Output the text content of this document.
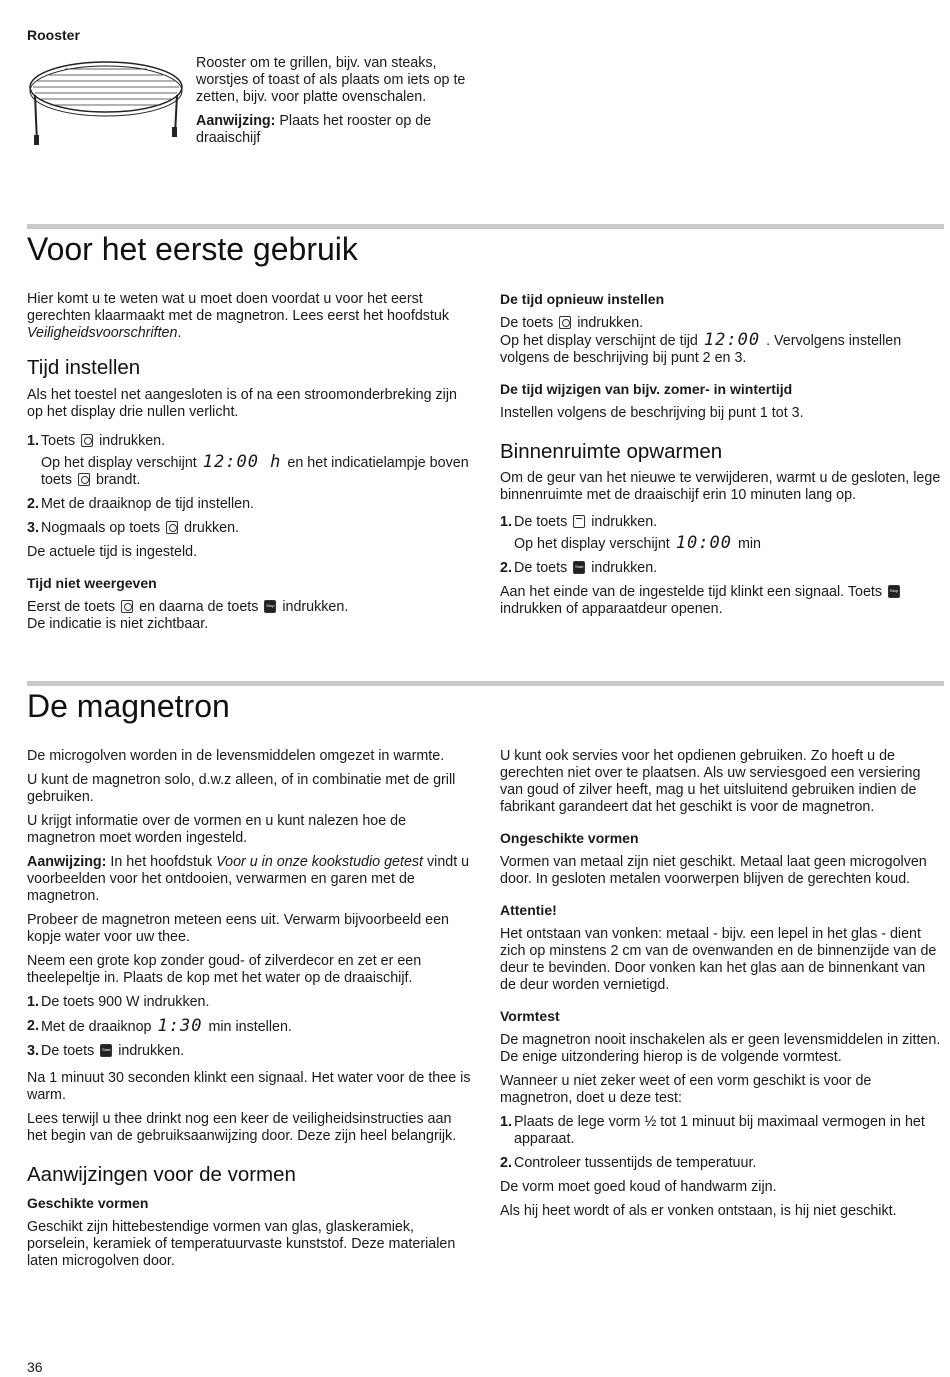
Rooster

Rooster om te grillen, bijv. van steaks, worstjes of toast of als plaats om iets op te zetten, bijv. voor platte ovenschalen.

Aanwijzing: Plaats het rooster op de draaischijf

Voor het eerste gebruik

Hier komt u te weten wat u moet doen voordat u voor het eerst gerechten klaarmaakt met de magnetron. Lees eerst het hoofdstuk Veiligheidsvoorschriften.

Tijd instellen

Als het toestel net aangesloten is of na een stroomonderbreking zijn op het display drie nullen verlicht.

1. Toets  indrukken.
Op het display verschijnt 12:00 h en het indicatielampje boven toets  brandt.
2. Met de draaiknop de tijd instellen.
3. Nogmaals op toets  drukken.

De actuele tijd is ingesteld.

Tijd niet weergeven

Eerst de toets  en daarna de toets Stop indrukken.
De indicatie is niet zichtbaar.

De tijd opnieuw instellen

De toets  indrukken.
Op het display verschijnt de tijd 12:00 . Vervolgens instellen volgens de beschrijving bij punt 2 en 3.

De tijd wijzigen van bijv. zomer- in wintertijd

Instellen volgens de beschrijving bij punt 1 tot 3.

Binnenruimte opwarmen

Om de geur van het nieuwe te verwijderen, warmt u de gesloten, lege binnenruimte met de draaischijf erin 10 minuten lang op.

1. De toets  indrukken.
Op het display verschijnt 10:00 min
2. De toets Start indrukken.

Aan het einde van de ingestelde tijd klinkt een signaal. Toets Stop indrukken of apparaatdeur openen.

De magnetron

De microgolven worden in de levensmiddelen omgezet in warmte.

U kunt de magnetron solo, d.w.z alleen, of in combinatie met de grill gebruiken.

U krijgt informatie over de vormen en u kunt nalezen hoe de magnetron moet worden ingesteld.

Aanwijzing: In het hoofdstuk Voor u in onze kookstudio getest vindt u voorbeelden voor het ontdooien, verwarmen en garen met de magnetron.

Probeer de magnetron meteen eens uit. Verwarm bijvoorbeeld een kopje water voor uw thee.

Neem een grote kop zonder goud- of zilverdecor en zet er een theelepeltje in. Plaats de kop met het water op de draaischijf.

1. De toets 900 W indrukken.
2. Met de draaiknop 1:30 min instellen.
3. De toets Start indrukken.

Na 1 minuut 30 seconden klinkt een signaal. Het water voor de thee is warm.

Lees terwijl u thee drinkt nog een keer de veiligheidsinstructies aan het begin van de gebruiksaanwijzing door. Deze zijn heel belangrijk.

Aanwijzingen voor de vormen
Geschikte vormen

Geschikt zijn hittebestendige vormen van glas, glaskeramiek, porselein, keramiek of temperatuurvaste kunststof. Deze materialen laten microgolven door.

U kunt ook servies voor het opdienen gebruiken. Zo hoeft u de gerechten niet over te plaatsen. Als uw serviesgoed een versiering van goud of zilver heeft, mag u het uitsluitend gebruiken indien de fabrikant garandeert dat het geschikt is voor de magnetron.

Ongeschikte vormen

Vormen van metaal zijn niet geschikt. Metaal laat geen microgolven door. In gesloten metalen voorwerpen blijven de gerechten koud.

Attentie!

Het ontstaan van vonken: metaal - bijv. een lepel in het glas - dient zich op minstens 2 cm van de ovenwanden en de binnenzijde van de deur te bevinden. Door vonken kan het glas aan de binnenkant van de deur worden vernietigd.

Vormtest

De magnetron nooit inschakelen als er geen levensmiddelen in zitten. De enige uitzondering hierop is de volgende vormtest.

Wanneer u niet zeker weet of een vorm geschikt is voor de magnetron, doet u deze test:

1. Plaats de lege vorm ½ tot 1 minuut bij maximaal vermogen in het apparaat.
2. Controleer tussentijds de temperatuur.

De vorm moet goed koud of handwarm zijn.

Als hij heet wordt of als er vonken ontstaan, is hij niet geschikt.

36
